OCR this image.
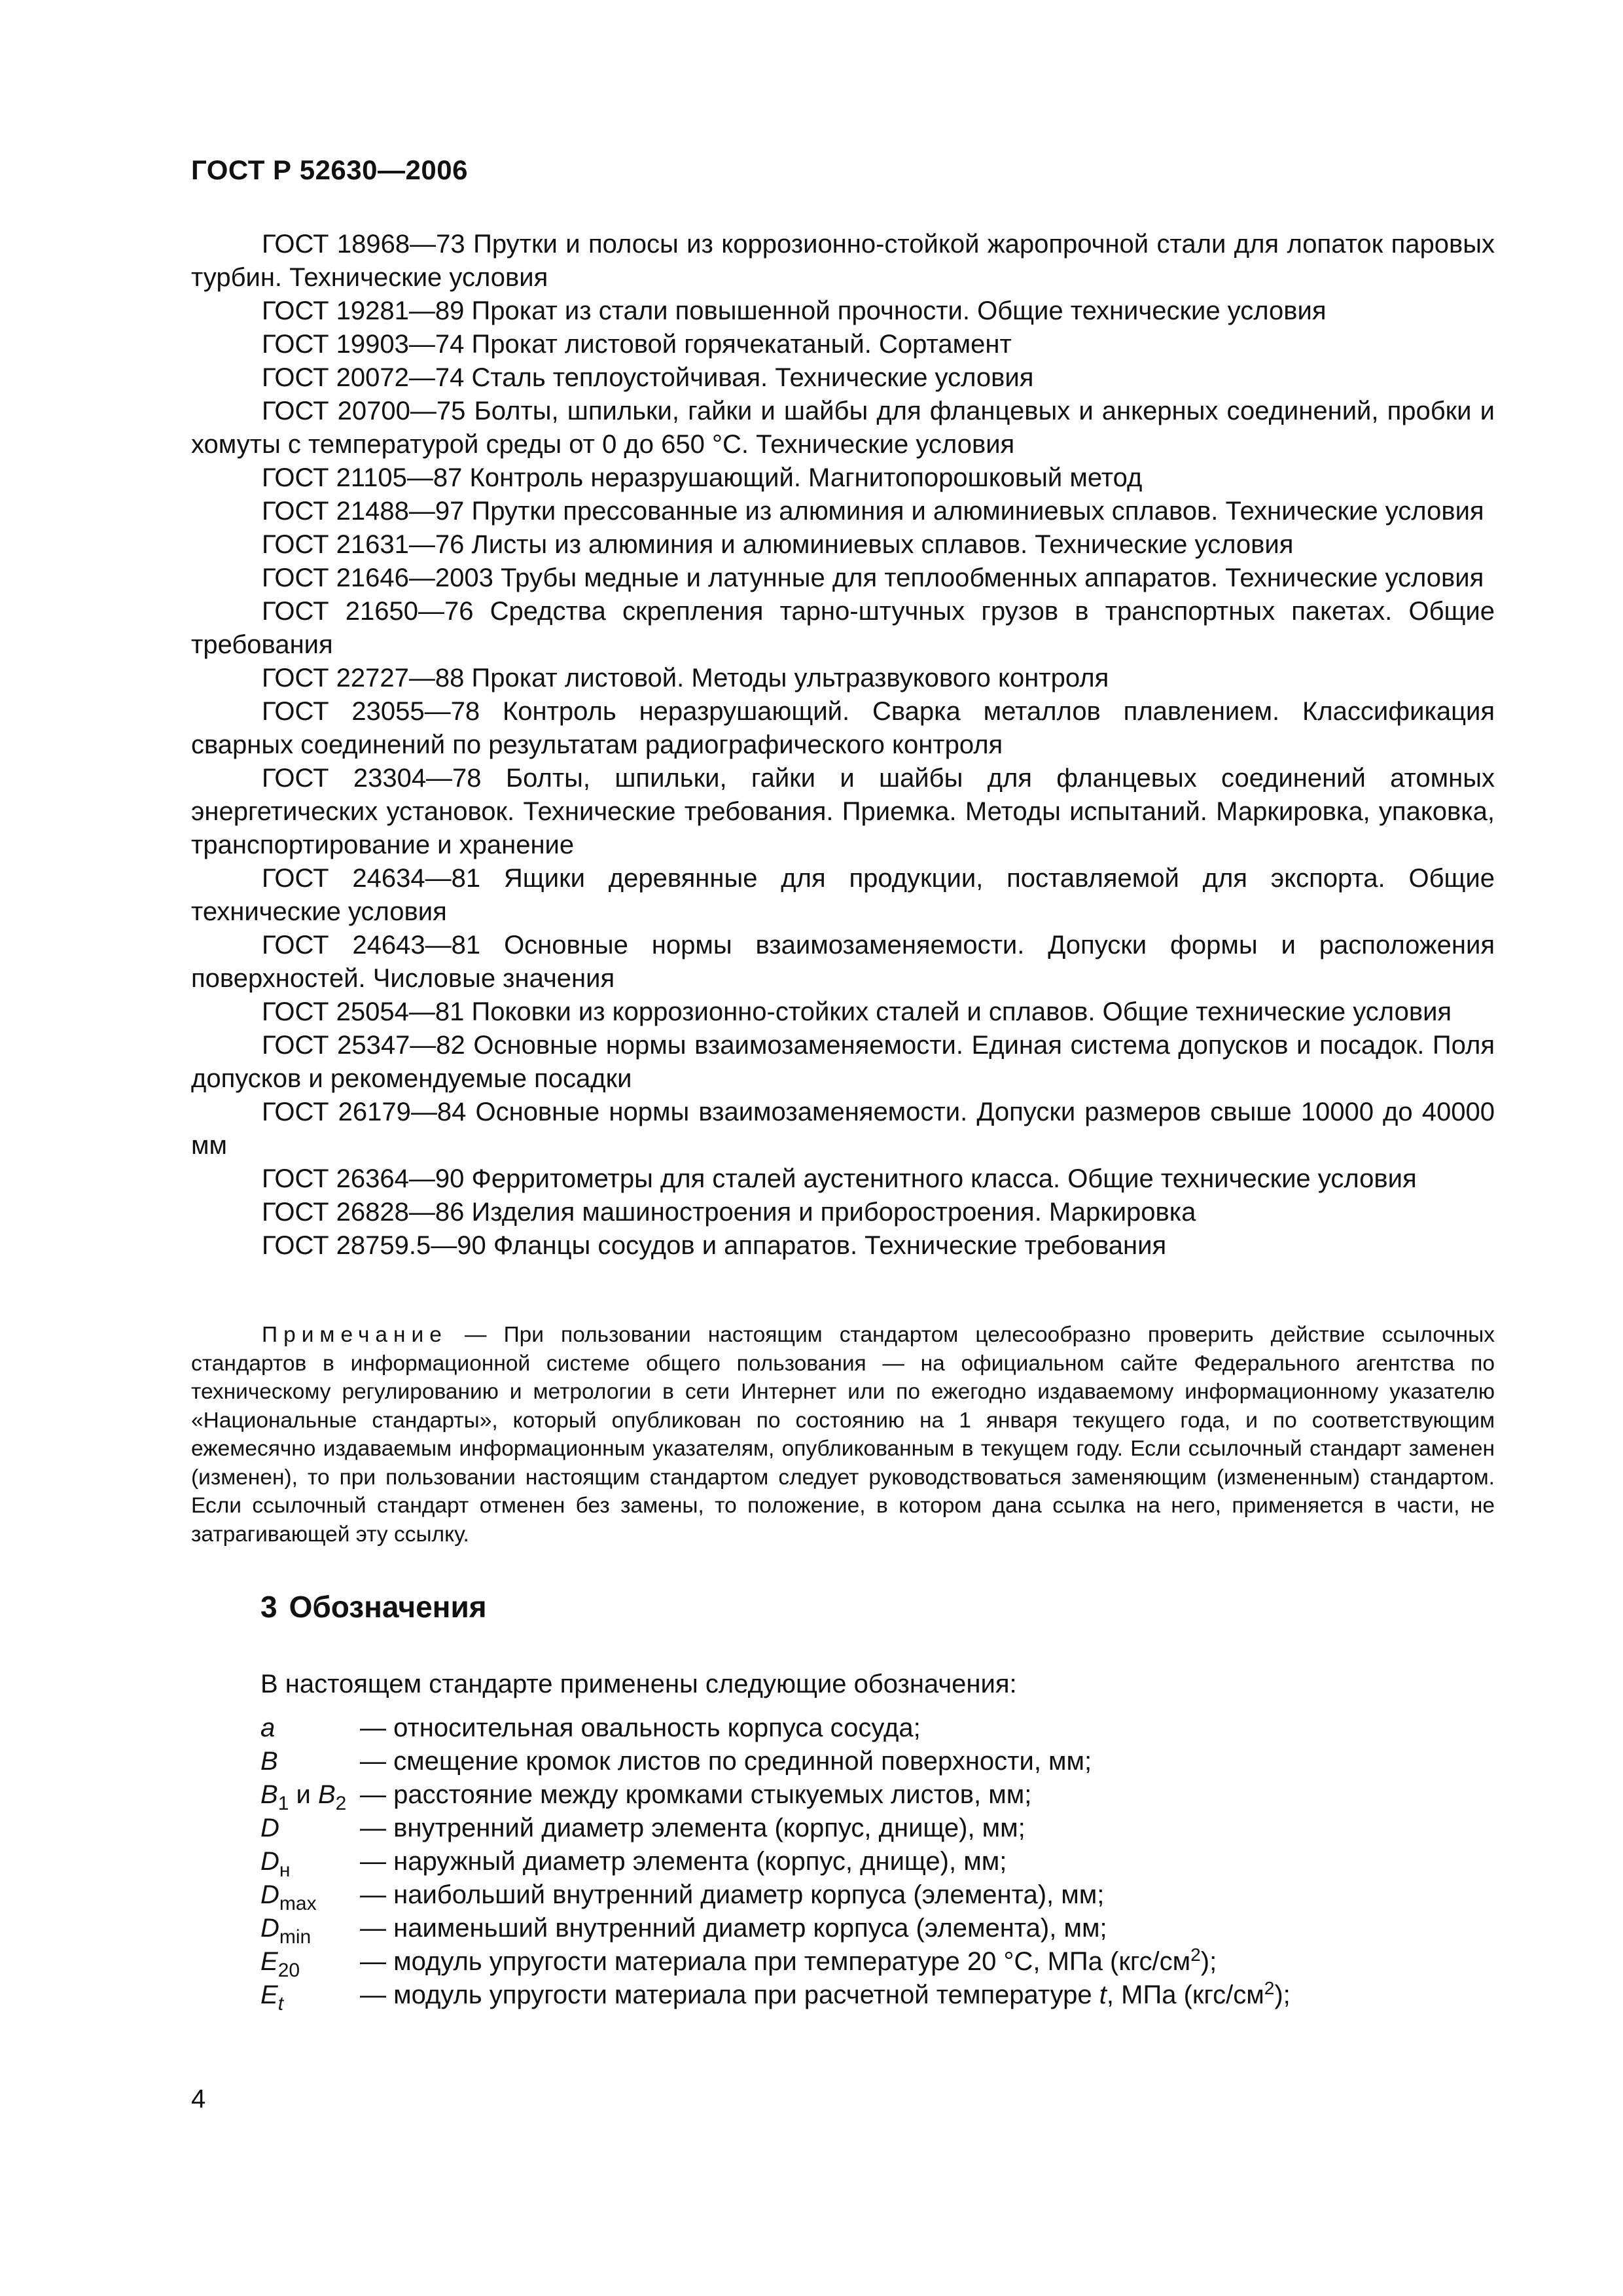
ГОСТ Р 52630—2006

ГОСТ 18968—73 Прутки и полосы из коррозионно-стойкой жаропрочной стали для лопаток паровых турбин. Технические условия

ГОСТ 19281—89 Прокат из стали повышенной прочности. Общие технические условия

ГОСТ 19903—74 Прокат листовой горячекатаный. Сортамент

ГОСТ 20072—74 Сталь теплоустойчивая. Технические условия

ГОСТ 20700—75 Болты, шпильки, гайки и шайбы для фланцевых и анкерных соединений, пробки и хомуты с температурой среды от 0 до 650 °С. Технические условия

ГОСТ 21105—87 Контроль неразрушающий. Магнитопорошковый метод

ГОСТ 21488—97 Прутки прессованные из алюминия и алюминиевых сплавов. Технические условия

ГОСТ 21631—76 Листы из алюминия и алюминиевых сплавов. Технические условия

ГОСТ 21646—2003 Трубы медные и латунные для теплообменных аппаратов. Технические условия

ГОСТ 21650—76 Средства скрепления тарно-штучных грузов в транспортных пакетах. Общие требования

ГОСТ 22727—88 Прокат листовой. Методы ультразвукового контроля

ГОСТ 23055—78 Контроль неразрушающий. Сварка металлов плавлением. Классификация сварных соединений по результатам радиографического контроля

ГОСТ 23304—78 Болты, шпильки, гайки и шайбы для фланцевых соединений атомных энергетических установок. Технические требования. Приемка. Методы испытаний. Маркировка, упаковка, транспортирование и хранение

ГОСТ 24634—81 Ящики деревянные для продукции, поставляемой для экспорта. Общие технические условия

ГОСТ 24643—81 Основные нормы взаимозаменяемости. Допуски формы и расположения поверхностей. Числовые значения

ГОСТ 25054—81 Поковки из коррозионно-стойких сталей и сплавов. Общие технические условия

ГОСТ 25347—82 Основные нормы взаимозаменяемости. Единая система допусков и посадок. Поля допусков и рекомендуемые посадки

ГОСТ 26179—84 Основные нормы взаимозаменяемости. Допуски размеров свыше 10000 до 40000 мм

ГОСТ 26364—90 Ферритометры для сталей аустенитного класса. Общие технические условия

ГОСТ 26828—86 Изделия машиностроения и приборостроения. Маркировка

ГОСТ 28759.5—90 Фланцы сосудов и аппаратов. Технические требования

Примечание — При пользовании настоящим стандартом целесообразно проверить действие ссылочных стандартов в информационной системе общего пользования — на официальном сайте Федерального агентства по техническому регулированию и метрологии в сети Интернет или по ежегодно издаваемому информационному указателю «Национальные стандарты», который опубликован по состоянию на 1 января текущего года, и по соответствующим ежемесячно издаваемым информационным указателям, опубликованным в текущем году. Если ссылочный стандарт заменен (изменен), то при пользовании настоящим стандартом следует руководствоваться заменяющим (измененным) стандартом. Если ссылочный стандарт отменен без замены, то положение, в котором дана ссылка на него, применяется в части, не затрагивающей эту ссылку.

3 Обозначения

В настоящем стандарте применены следующие обозначения:

a	— относительная овальность корпуса сосуда;
B	— смещение кромок листов по срединной поверхности, мм;
$B_1$ и $B_2$ — расстояние между кромками стыкуемых листов, мм;
D	— внутренний диаметр элемента (корпус, днище), мм;
$D_н$	— наружный диаметр элемента (корпус, днище), мм;
$D_{max}$	— наибольший внутренний диаметр корпуса (элемента), мм;
$D_{min}$	— наименьший внутренний диаметр корпуса (элемента), мм;
$E_{20}$	— модуль упругости материала при температуре 20 °С, МПа $(кгс/см^2)$;
$E_t$	— модуль упругости материала при расчетной температуре t, МПа $(кгс/см^2)$;

4
